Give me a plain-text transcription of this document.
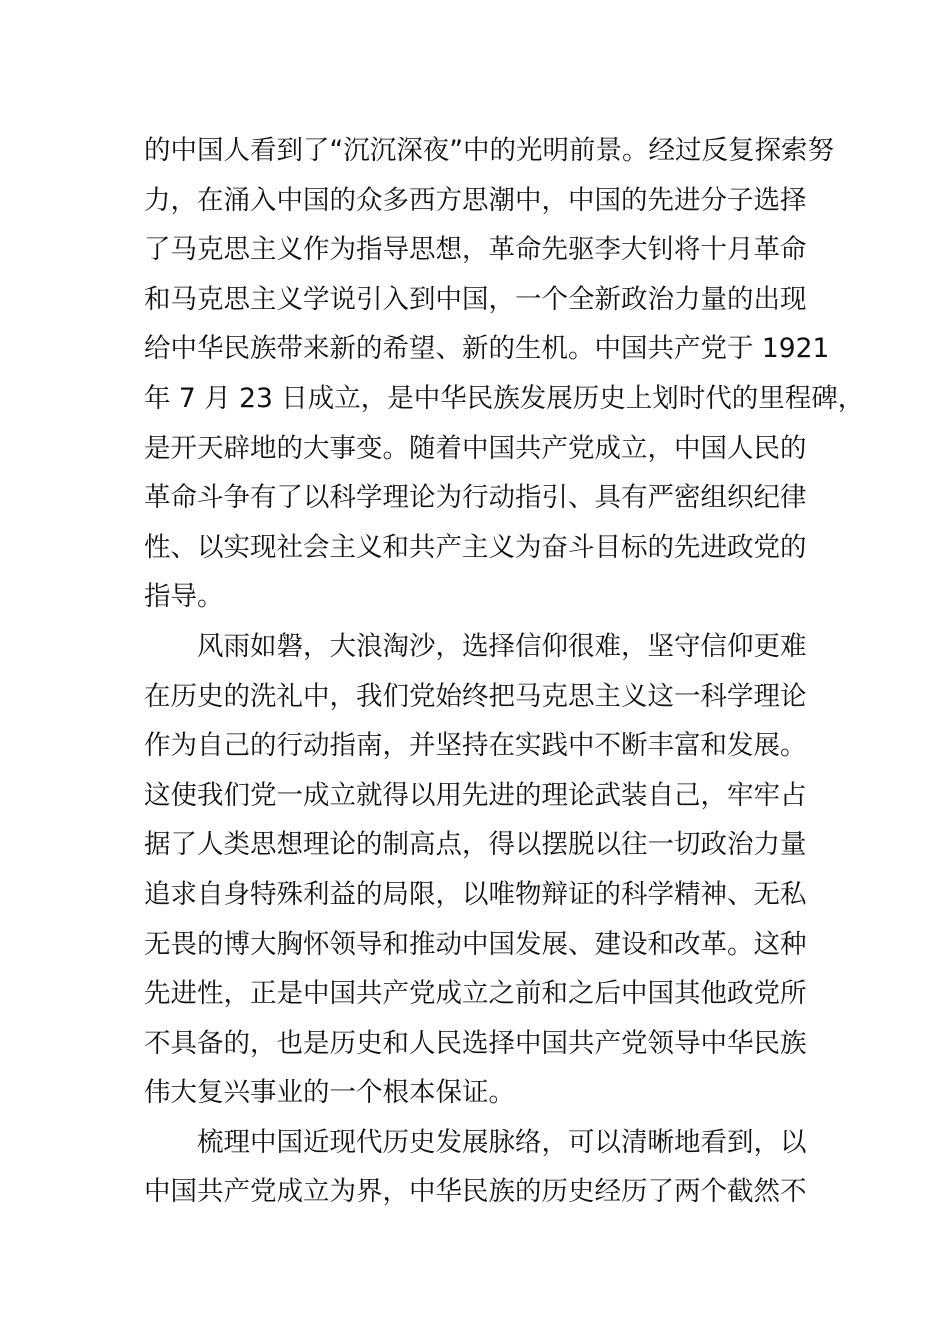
的中国人看到了“沉沉深夜”中的光明前景。经过反复探索努
力，在涌入中国的众多西方思潮中，中国的先进分子选择
了马克思主义作为指导思想，革命先驱李大钊将十月革命
和马克思主义学说引入到中国，一个全新政治力量的出现
给中华民族带来新的希望、新的生机。中国共产党于 1921
年 7 月 23 日成立，是中华民族发展历史上划时代的里程碑，
是开天辟地的大事变。随着中国共产党成立，中国人民的
革命斗争有了以科学理论为行动指引、具有严密组织纪律
性、以实现社会主义和共产主义为奋斗目标的先进政党的
指导。
风雨如磐，大浪淘沙，选择信仰很难，坚守信仰更难
在历史的洗礼中，我们党始终把马克思主义这一科学理论
作为自己的行动指南，并坚持在实践中不断丰富和发展。
这使我们党一成立就得以用先进的理论武装自己，牢牢占
据了人类思想理论的制高点，得以摆脱以往一切政治力量
追求自身特殊利益的局限，以唯物辩证的科学精神、无私
无畏的博大胸怀领导和推动中国发展、建设和改革。这种
先进性，正是中国共产党成立之前和之后中国其他政党所
不具备的，也是历史和人民选择中国共产党领导中华民族
伟大复兴事业的一个根本保证。
梳理中国近现代历史发展脉络，可以清晰地看到，以
中国共产党成立为界，中华民族的历史经历了两个截然不
